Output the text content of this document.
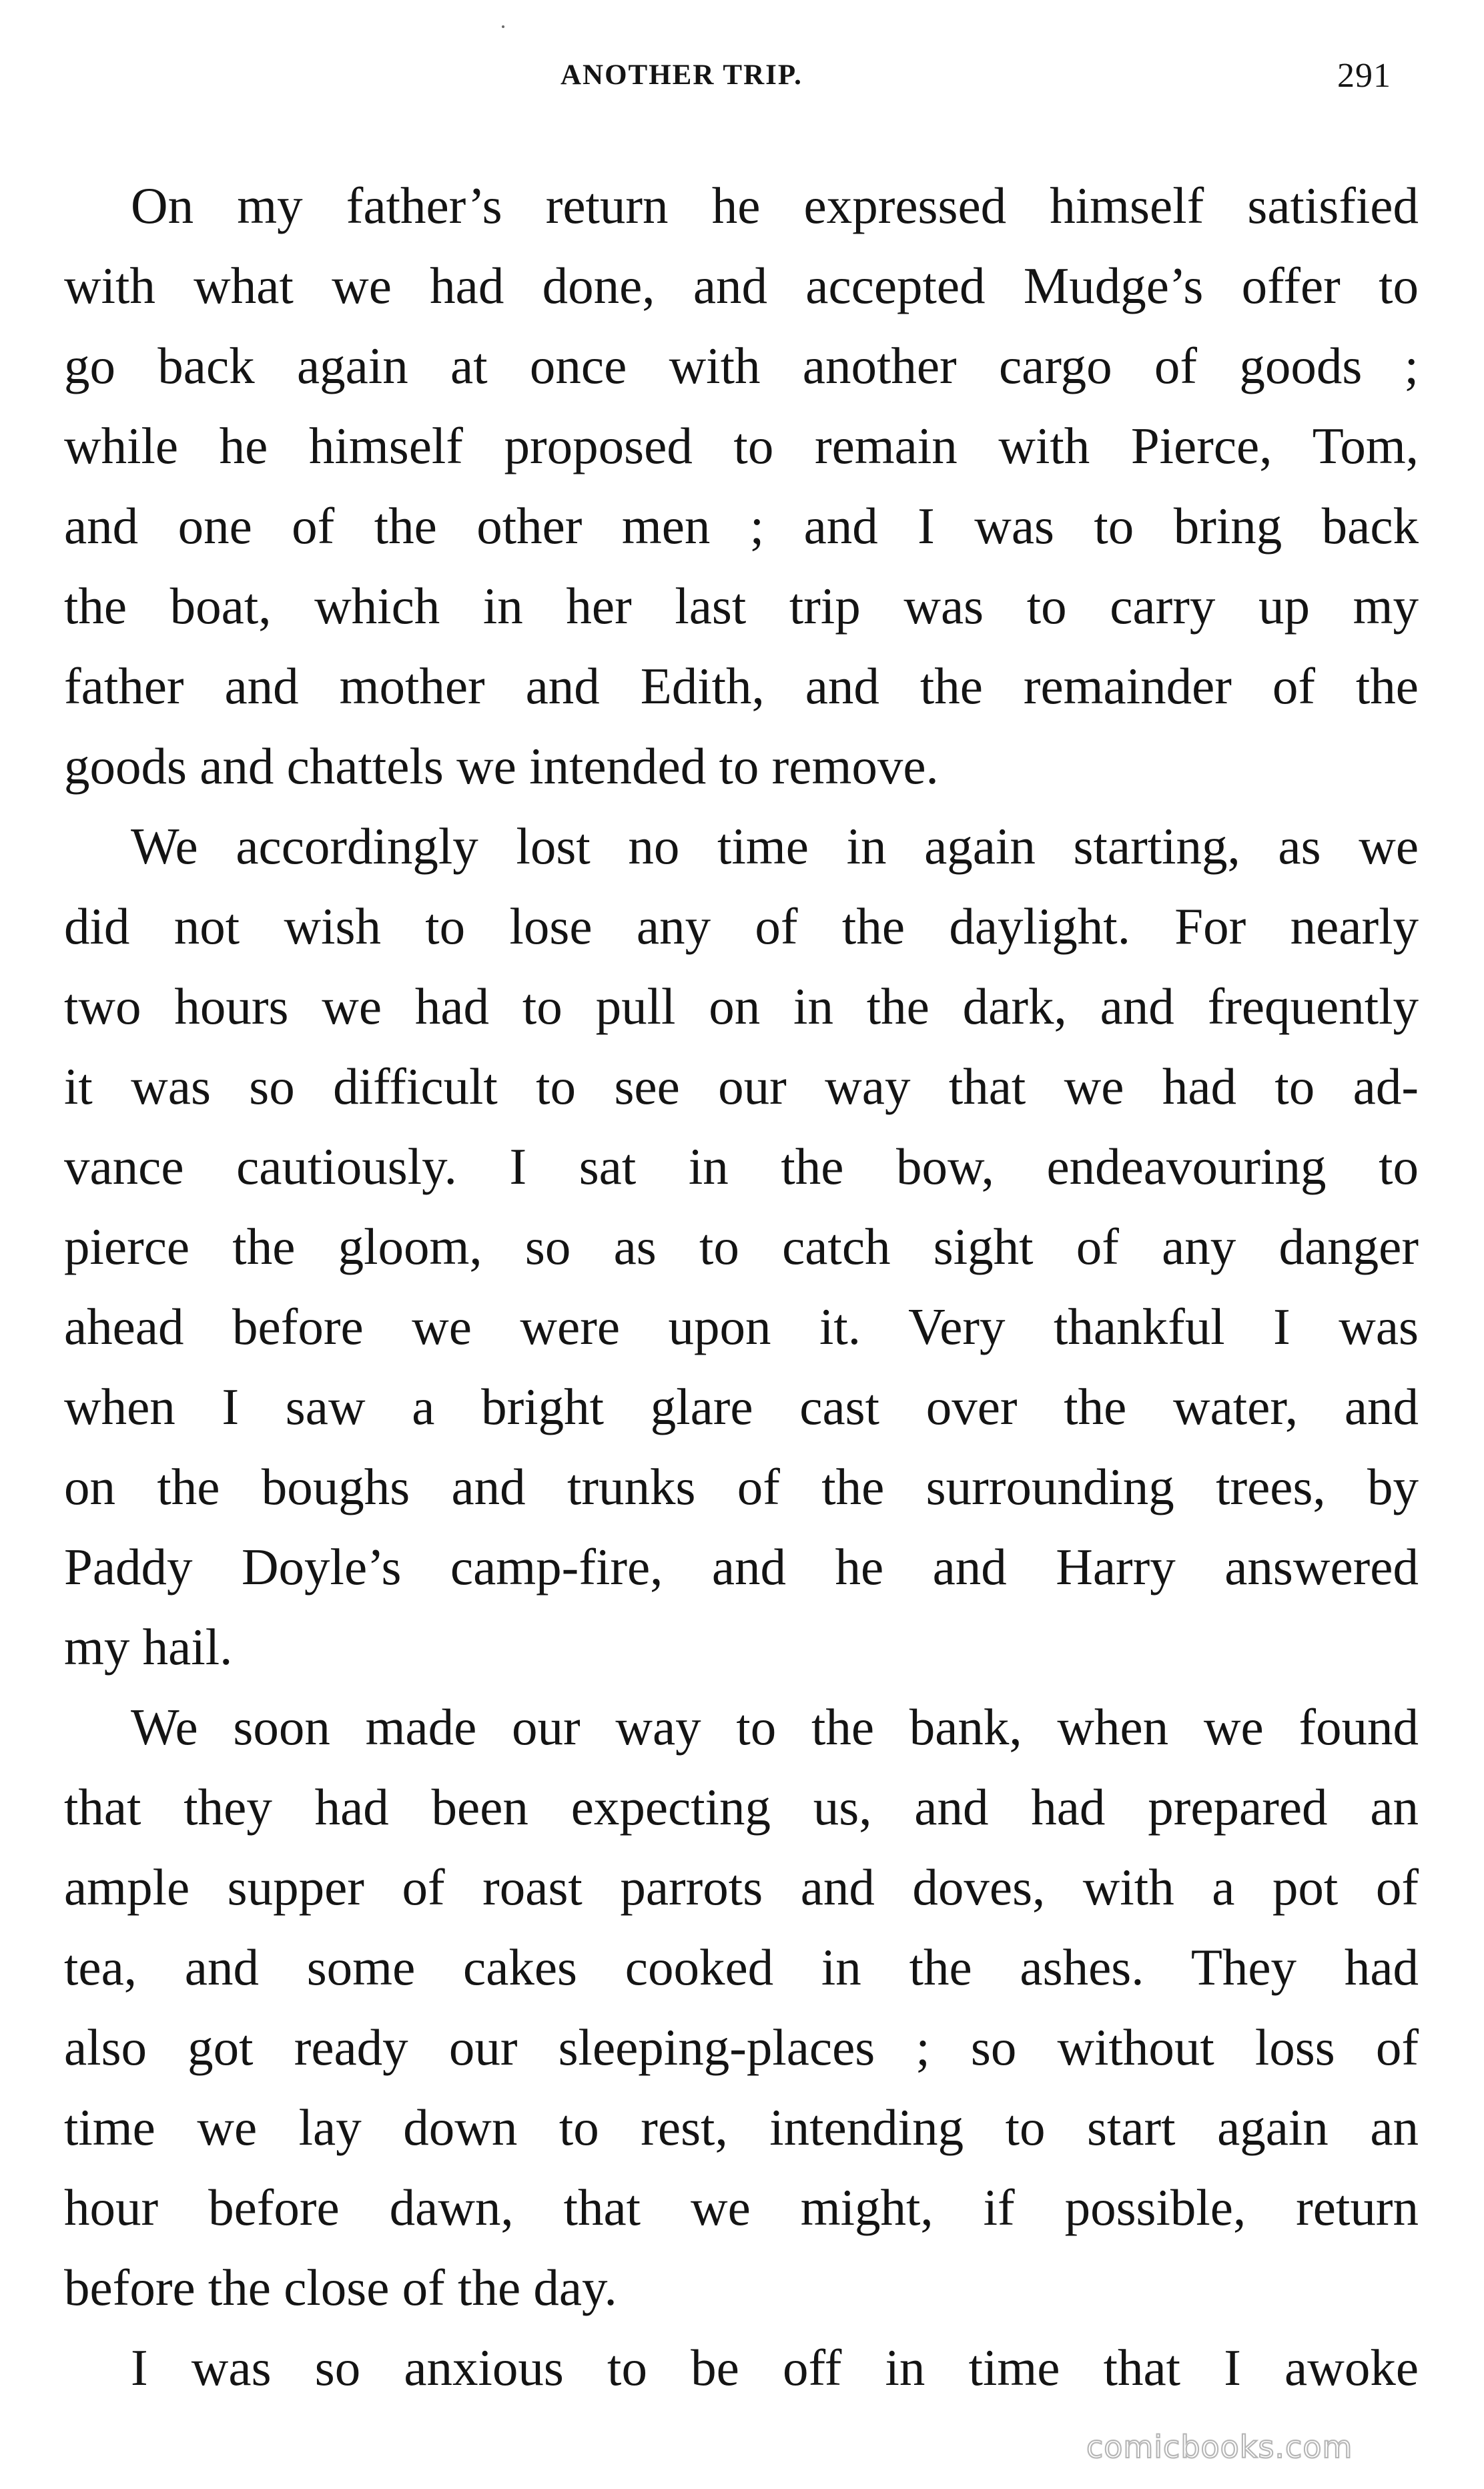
ANOTHER TRIP.	291
On my father’s return he expressed himself satisfied
with what we had done, and accepted Mudge’s offer to
go back again at once with another cargo of goods ;
while he himself proposed to remain with Pierce, Tom,
and one of the other men ; and I was to bring back
the boat, which in her last trip was to carry up my
father and mother and Edith, and the remainder of the
goods and chattels we intended to remove.
We accordingly lost no time in again starting, as we
did not wish to lose any of the daylight. For nearly
two hours we had to pull on in the dark, and frequently
it was so difficult to see our way that we had to ad-
vance cautiously. I sat in the bow, endeavouring to
pierce the gloom, so as to catch sight of any danger
ahead before we were upon it. Very thankful I was
when I saw a bright glare cast over the water, and
on the boughs and trunks of the surrounding trees, by
Paddy Doyle’s camp-fire, and he and Harry answered
my hail.
We soon made our way to the bank, when we found
that they had been expecting us, and had prepared an
ample supper of roast parrots and doves, with a pot of
tea, and some cakes cooked in the ashes. They had
also got ready our sleeping-places ; so without loss of
time we lay down to rest, intending to start again an
hour before dawn, that we might, if possible, return
before the close of the day.
I was so anxious to be off in time that I awoke
comicbooks.com
